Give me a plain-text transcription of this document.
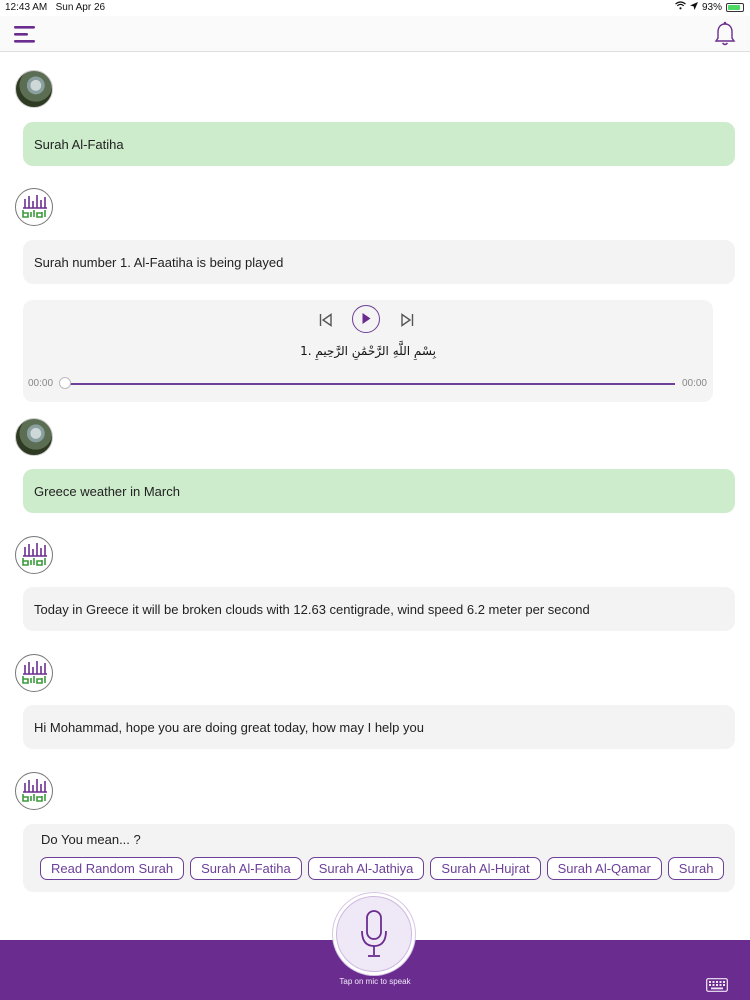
12:43 AM Sun Apr 26	93%
Surah Al-Fatiha
Surah number 1. Al-Faatiha is being played
1. بِسْمِ اللَّهِ الرَّحْمَٰنِ الرَّحِيمِ
00:00	00:00
Greece weather in March
Today in Greece it will be broken clouds with 12.63 centigrade, wind speed 6.2 meter per second
Hi Mohammad, hope you are doing great today, how may I help you
Do You mean... ?
Read Random Surah	Surah Al-Fatiha	Surah Al-Jathiya	Surah Al-Hujrat	Surah Al-Qamar	Surah
Tap on mic to speak
